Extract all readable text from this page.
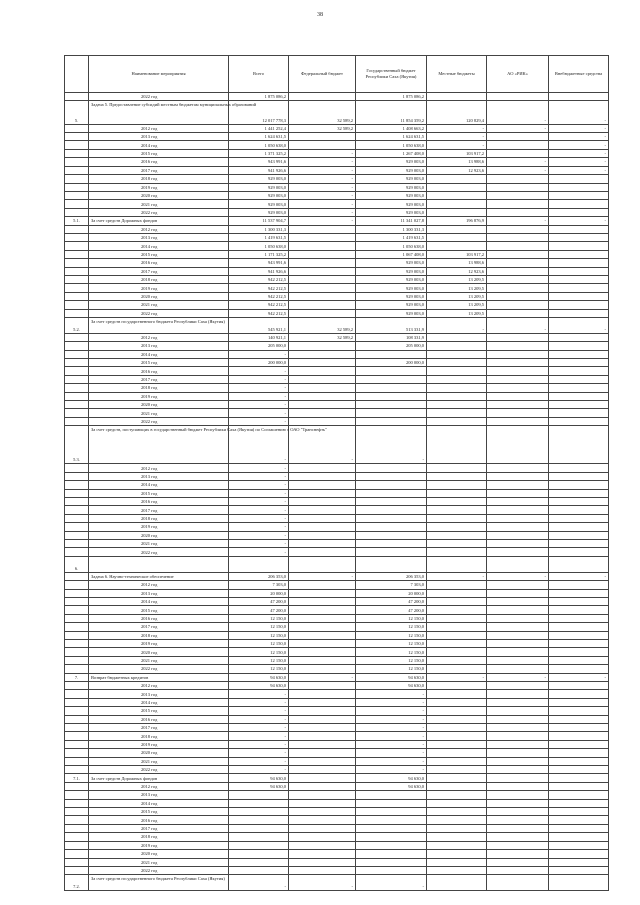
38
	Наименование мероприятия	Всего	Федеральный бюджет	Государственный бюджет Республики Саха (Якутия)	Местные бюджеты	АО «РИК»	Внебюджетные средства
	2022 год	1 875 086,2		1 875 086,2			
5.	Задача 5. Предоставление субсидий местным бюджетам муниципальных образований	12 017 778,3	32 589,2	11 854 359,2	120 829,4	-	-
	2012 год	1 441 252,4	32 589,2	1 408 663,2	-	-	-
	2013 год	1 624 631,5		1 624 631,5	-		-
	2014 год	1 050 638,0		1 050 638,0	-		-
	2015 год	1 371 325,2	-	1 267 408,0	103 917,2		-
	2016 год	943 991,6	-	929 003,0	13 988,6	-	-
	2017 год	941 926,6	-	929 003,0	12 923,6	-	-
	2018 год	929 003,0	-	929 003,0			
	2019 год	929 003,0	-	929 003,0			
	2020 год	929 003,0	-	929 003,0			
	2021 год	929 003,0	-	929 003,0			
	2022 год	929 003,0	-	929 003,0			
5.1.	За счет средств Дорожных фондов	11 537 904,7	-	11 341 027,8	196 876,9	-	-
	2012 год	1 300 331,3		1 300 331,3			
	2013 год	1 419 631,5		1 419 631,5			
	2014 год	1 050 638,0		1 050 638,0			
	2015 год	1 171 325,2		1 067 408,0	103 917,2		
	2016 год	943 991,6		929 003,0	13 988,6		
	2017 год	941 926,6		929 003,0	12 923,6		
	2018 год	942 212,5		929 003,0	13 209,5		
	2019 год	942 212,5		929 003,0	13 209,5		
	2020 год	942 212,5		929 003,0	13 209,5		
	2021 год	942 212,5		929 003,0	13 209,5		
	2022 год	942 212,5		929 003,0	13 209,5		
5.2.	За счет средств государственного бюджета Республики Саха (Якутия)	545 921,1	32 589,2	513 331,9	-	-	-
	2012 год	140 921,1	32 589,2	108 331,9			
	2013 год	205 000,0		205 000,0			
	2014 год	-					
	2015 год	200 000,0		200 000,0			
	2016 год	-					
	2017 год	-					
	2018 год	-					
	2019 год	-					
	2020 год	-					
	2021 год	-					
	2022 год	-					
5.3.	За счет средств, поступающих в государственный бюджет Республики Саха (Якутия) по Соглашению с ОАО "Транснефть"	-	-	-			
	2012 год	-					
	2013 год	-					
	2014 год	-					
	2015 год	-					
	2016 год	-					
	2017 год	-					
	2018 год	-					
	2019 год	-					
	2020 год	-					
	2021 год	-					
	2022 год	-					
6.							
	Задача 6. Научно-техническое обеспечение	206 353,0	-	206 353,0	-	-	-
	2012 год	7 303,0		7 303,0			
	2013 год	20 000,0		20 000,0			
	2014 год	47 200,0		47 200,0			
	2015 год	47 200,0		47 200,0			
	2016 год	12 150,0		12 150,0			
	2017 год	12 150,0		12 150,0			
	2018 год	12 150,0		12 150,0			
	2019 год	12 150,0		12 150,0			
	2020 год	12 150,0		12 150,0			
	2021 год	12 150,0		12 150,0			
	2022 год	12 150,0		12 150,0			
7.	Возврат бюджетных кредитов	94 630,0	-	94 630,0	-	-	-
	2012 год	94 630,0		94 630,0			
	2013 год	-		-			
	2014 год	-		-			
	2015 год	-		-			
	2016 год	-		-			
	2017 год	-		-			
	2018 год	-		-			
	2019 год	-		-			
	2020 год	-		-			
	2021 год	-		-			
	2022 год	-		-			
7.1.	За счет средств Дорожных фондов	94 630,0		94 630,0			
	2012 год	94 630,0		94 630,0			
	2013 год						
	2014 год						
	2015 год						
	2016 год						
	2017 год						
	2018 год						
	2019 год						
	2020 год						
	2021 год						
	2022 год						
7.2.	За счет средств государственного бюджета Республики Саха (Якутия)	-	-	-			
